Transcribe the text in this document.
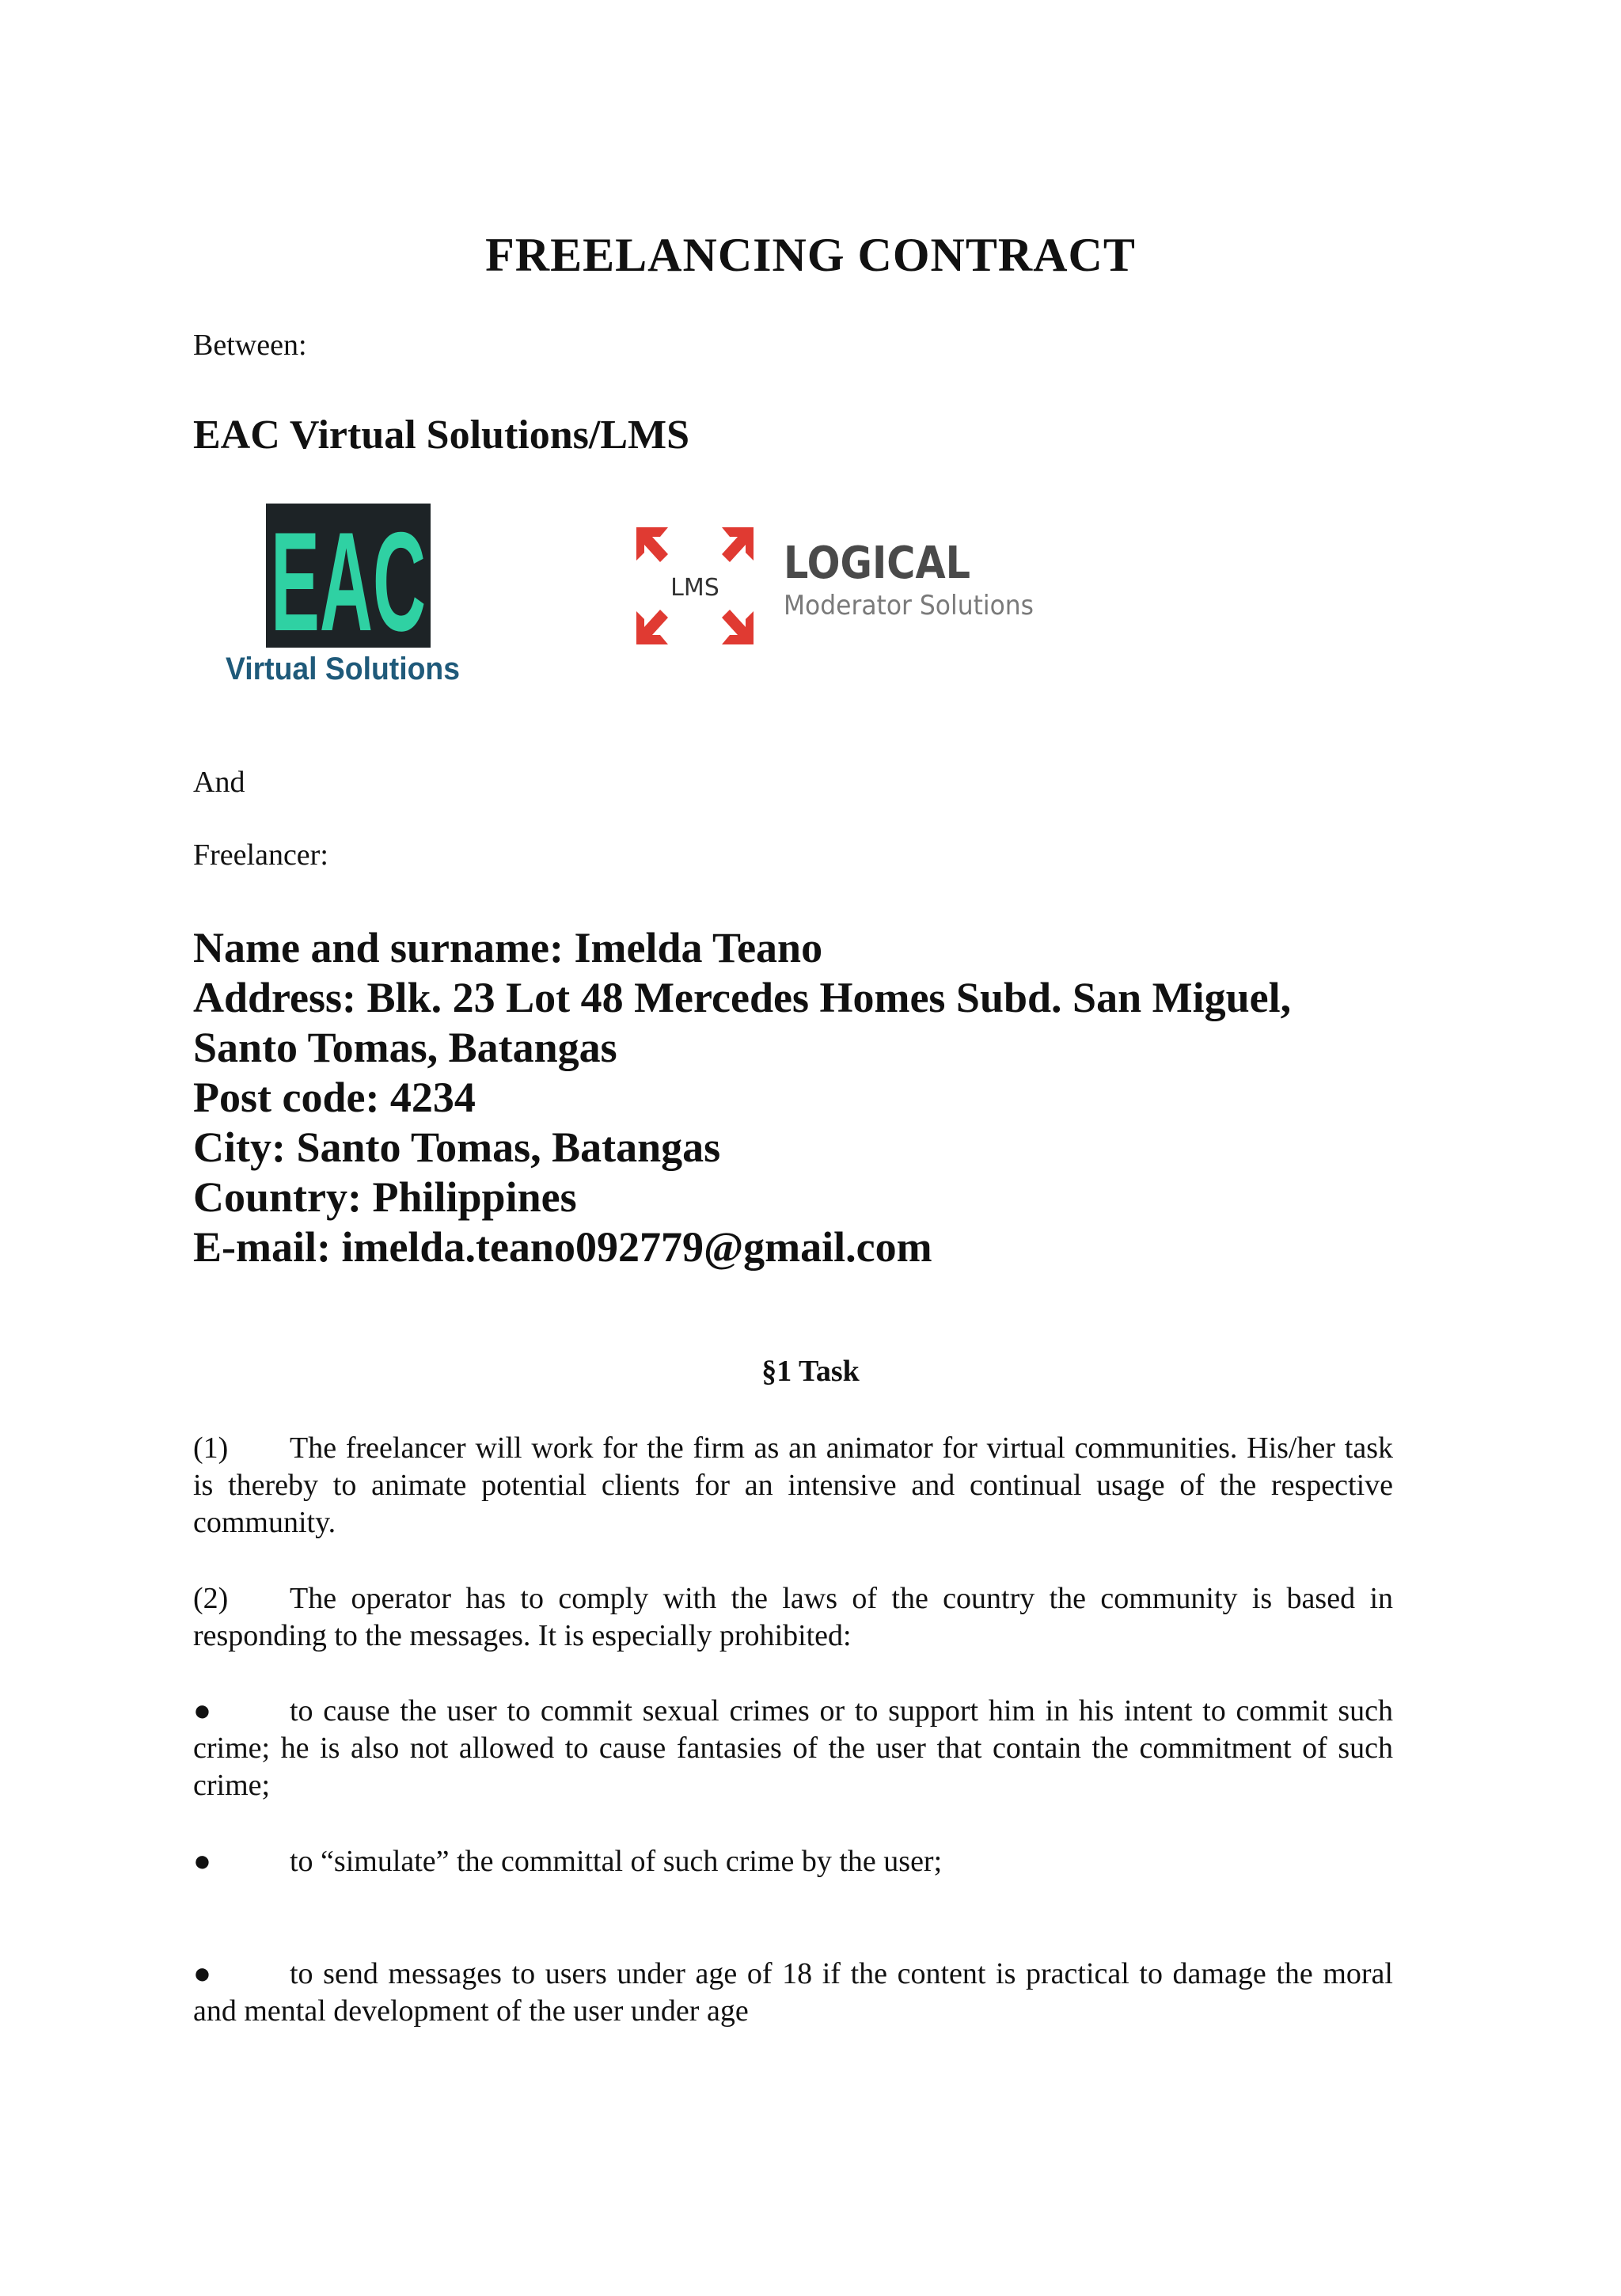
FREELANCING CONTRACT
Between:
EAC Virtual Solutions/LMS
EAC
Virtual Solutions
LMS LOGICAL
Moderator Solutions
And
Freelancer:
Name and surname: Imelda Teano
Address: Blk. 23 Lot 48 Mercedes Homes Subd. San Miguel,
Santo Tomas, Batangas
Post code: 4234
City: Santo Tomas, Batangas
Country: Philippines
E-mail: imelda.teano092779@gmail.com
§1 Task
(1) The freelancer will work for the firm as an animator for virtual communities. His/her task is thereby to animate potential clients for an intensive and continual usage of the respective community.
(2) The operator has to comply with the laws of the country the community is based in responding to the messages. It is especially prohibited:
●	to cause the user to commit sexual crimes or to support him in his intent to commit such crime; he is also not allowed to cause fantasies of the user that contain the commitment of such crime;
●	to “simulate” the committal of such crime by the user;
●	to send messages to users under age of 18 if the content is practical to damage the moral and mental development of the user under age
